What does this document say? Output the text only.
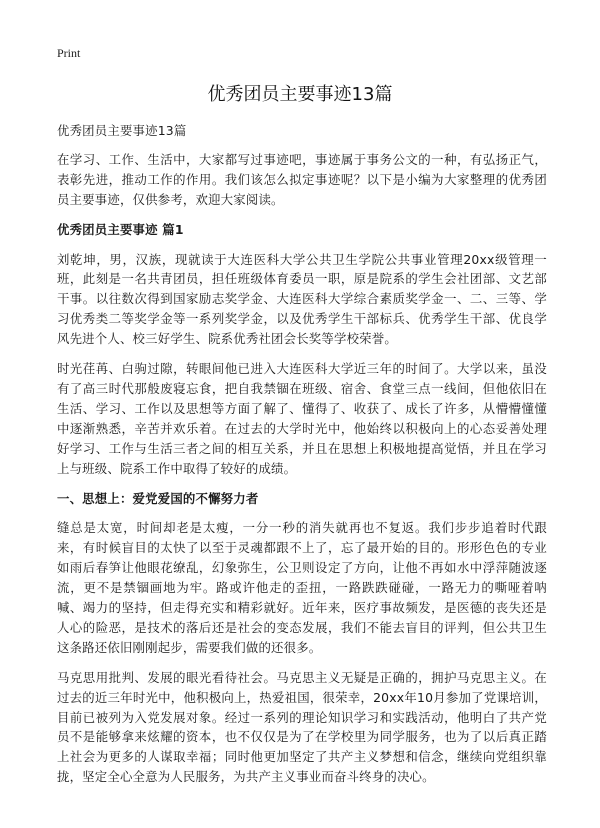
Print
优秀团员主要事迹13篇

优秀团员主要事迹13篇

在学习、工作、生活中，大家都写过事迹吧，事迹属于事务公文的一种，有弘扬正气，表彰先进，推动工作的作用。我们该怎么拟定事迹呢？以下是小编为大家整理的优秀团员主要事迹，仅供参考，欢迎大家阅读。

优秀团员主要事迹 篇1

刘乾坤，男，汉族，现就读于大连医科大学公共卫生学院公共事业管理20xx级管理一班，此刻是一名共青团员，担任班级体育委员一职，原是院系的学生会社团部、文艺部干事。以往数次得到国家励志奖学金、大连医科大学综合素质奖学金一、二、三等、学习优秀类二等奖学金等一系列奖学金，以及优秀学生干部标兵、优秀学生干部、优良学风先进个人、校三好学生、院系优秀社团会长奖等学校荣誉。

时光荏苒、白驹过隙，转眼间他已进入大连医科大学近三年的时间了。大学以来，虽没有了高三时代那般废寝忘食，把自我禁锢在班级、宿舍、食堂三点一线间，但他依旧在生活、学习、工作以及思想等方面了解了、懂得了、收获了、成长了许多，从懵懵懂懂中逐渐熟悉，辛苦并欢乐着。在过去的大学时光中，他始终以积极向上的心态妥善处理好学习、工作与生活三者之间的相互关系，并且在思想上积极地提高觉悟，并且在学习上与班级、院系工作中取得了较好的成绩。

一、思想上：爱党爱国的不懈努力者

缝总是太宽，时间却老是太瘦，一分一秒的消失就再也不复返。我们步步追着时代跟来，有时候盲目的太快了以至于灵魂都跟不上了，忘了最开始的目的。形形色色的专业如雨后春笋让他眼花缭乱，幻象弥生，公卫则设定了方向，让他不再如水中浮萍随波逐流，更不是禁锢画地为牢。路或许他走的歪扭，一路跌跌碰碰，一路无力的嘶哑着呐喊、竭力的坚持，但走得充实和精彩就好。近年来，医疗事故频发，是医德的丧失还是人心的险恶，是技术的落后还是社会的变态发展，我们不能去盲目的评判，但公共卫生这条路还依旧刚刚起步，需要我们做的还很多。

马克思用批判、发展的眼光看待社会。马克思主义无疑是正确的，拥护马克思主义。在过去的近三年时光中，他积极向上，热爱祖国，很荣幸，20xx年10月参加了党课培训，目前已被列为入党发展对象。经过一系列的理论知识学习和实践活动，他明白了共产党员不是能够拿来炫耀的资本，也不仅仅是为了在学校里为同学服务，也为了以后真正踏上社会为更多的人谋取幸福；同时他更加坚定了共产主义梦想和信念，继续向党组织靠拢，坚定全心全意为人民服务，为共产主义事业而奋斗终身的决心。
